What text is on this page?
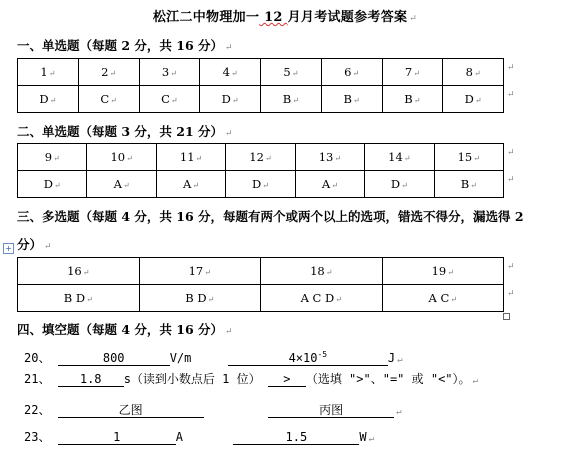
松江二中物理加一 12 月月考试题参考答案 ↵
一、单选题（每题 2 分，共 16 分） ↵
1↵	2↵	3↵	4↵	5↵	6↵	7↵	8↵
D↵	C↵	C↵	D↵	B↵	B↵	B↵	D↵
↵
↵
二、单选题（每题 3 分，共 21 分） ↵
9↵	10↵	11↵	12↵	13↵	14↵	15↵
D↵	A↵	A↵	D↵	A↵	D↵	B↵
↵
↵
三、多选题（每题 4 分，共 16 分，每题有两个或两个以上的选项，错选不得分，漏选得 2
分） ↵
+
16↵	17↵	18↵	19↵
B D↵	B D↵	A C D↵	A C↵
↵
↵
四、填空题（每题 4 分，共 16 分） ↵
20、	800	V/m	$4\times 10^{-5}$	J ↵
21、 1.8 s（读到小数点后 1 位） > （选填 ">"、"=" 或 "<"）。 ↵
22、	乙图	丙图	↵
23、	1	A	1.5	W ↵
